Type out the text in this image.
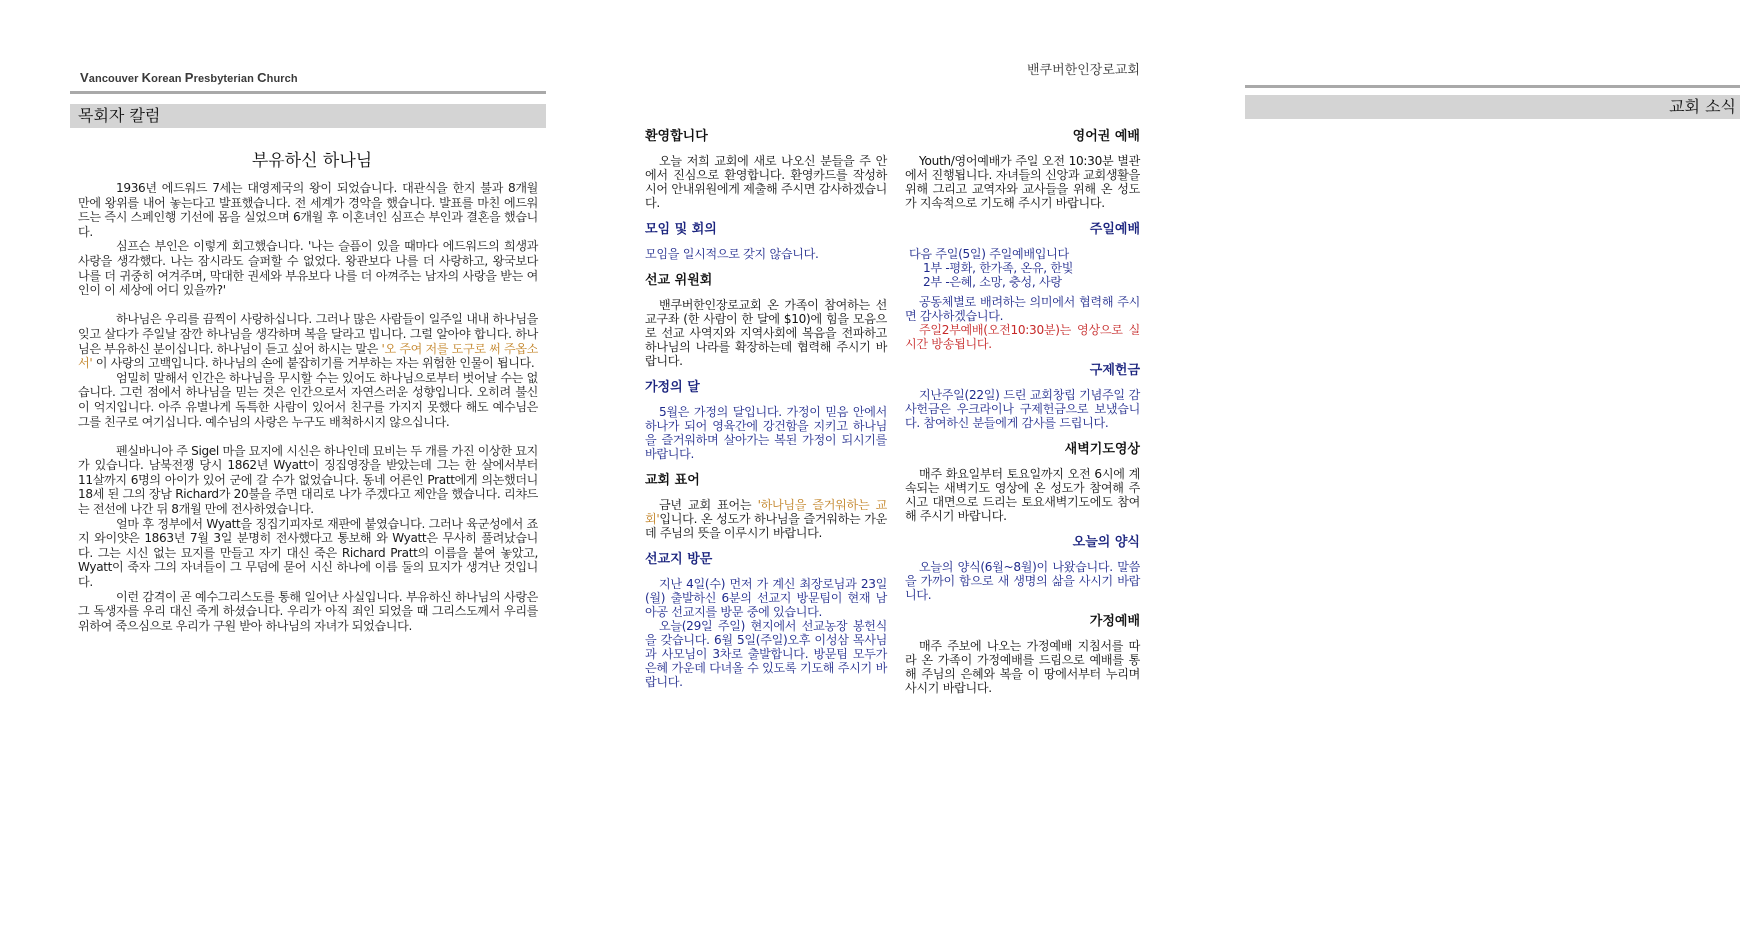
Vancouver Korean Presbyterian Church
목회자 칼럼
부유하신 하나님

1936년 에드워드 7세는 대영제국의 왕이 되었습니다. 대관식을 한지 불과 8개월 만에 왕위를 내어 놓는다고 발표했습니다. 전 세계가 경악을 했습니다. 발표를 마친 에드워드는 즉시 스페인행 기선에 몸을 실었으며 6개월 후 이혼녀인 심프슨 부인과 결혼을 했습니다.

심프슨 부인은 이렇게 회고했습니다. '나는 슬픔이 있을 때마다 에드워드의 희생과 사랑을 생각했다. 나는 잠시라도 슬퍼할 수 없었다. 왕관보다 나를 더 사랑하고, 왕국보다 나를 더 귀중히 여겨주며, 막대한 권세와 부유보다 나를 더 아껴주는 남자의 사랑을 받는 여인이 이 세상에 어디 있을까?'

하나님은 우리를 끔찍이 사랑하십니다. 그러나 많은 사람들이 일주일 내내 하나님을 잊고 살다가 주일날 잠깐 하나님을 생각하며 복을 달라고 빕니다. 그럴 알아야 합니다. 하나님은 부유하신 분이십니다. 하나님이 듣고 싶어 하시는 말은 '오 주여 저를 도구로 써 주옵소서' 이 사랑의 고백입니다. 하나님의 손에 붙잡히기를 거부하는 자는 위험한 인물이 됩니다.

엄밀히 말해서 인간은 하나님을 무시할 수는 있어도 하나님으로부터 벗어날 수는 없습니다. 그런 점에서 하나님을 믿는 것은 인간으로서 자연스러운 성향입니다. 오히려 불신이 억지입니다. 아주 유별나게 독특한 사람이 있어서 친구를 가지지 못했다 해도 예수님은 그를 친구로 여기십니다. 예수님의 사랑은 누구도 배척하시지 않으십니다.

펜실바니아 주 Sigel 마을 묘지에 시신은 하나인데 묘비는 두 개를 가진 이상한 묘지가 있습니다. 남북전쟁 당시 1862년 Wyatt이 징집영장을 받았는데 그는 한 살에서부터 11살까지 6명의 아이가 있어 군에 갈 수가 없었습니다. 동네 어른인 Pratt에게 의논했더니 18세 된 그의 장남 Richard가 20불을 주면 대리로 나가 주겠다고 제안을 했습니다. 리챠드는 전선에 나간 뒤 8개월 만에 전사하였습니다.

얼마 후 정부에서 Wyatt을 징집기피자로 재판에 붙였습니다. 그러나 육군성에서 죠지 와이얏은 1863년 7월 3일 분명히 전사했다고 통보해 와 Wyatt은 무사히 풀려났습니다. 그는 시신 없는 묘지를 만들고 자기 대신 죽은 Richard Pratt의 이름을 붙여 놓았고, Wyatt이 죽자 그의 자녀들이 그 무덤에 묻어 시신 하나에 이름 둘의 묘지가 생겨난 것입니다.

이런 감격이 곧 예수그리스도를 통해 일어난 사실입니다. 부유하신 하나님의 사랑은 그 독생자를 우리 대신 죽게 하셨습니다. 우리가 아직 죄인 되었을 때 그리스도께서 우리를 위하여 죽으심으로 우리가 구원 받아 하나님의 자녀가 되었습니다.

밴쿠버한인장로교회
교회 소식
환영합니다

오늘 저희 교회에 새로 나오신 분들을 주 안에서 진심으로 환영합니다. 환영카드를 작성하시어 안내위원에게 제출해 주시면 감사하겠습니다.

모임 및 회의

모임을 일시적으로 갖지 않습니다.

선교 위원회

밴쿠버한인장로교회 온 가족이 참여하는 선교구좌 (한 사람이 한 달에 $10)에 힘을 모음으로 선교 사역지와 지역사회에 복음을 전파하고 하나님의 나라를 확장하는데 협력해 주시기 바랍니다.

가정의 달

5월은 가정의 달입니다. 가정이 믿음 안에서 하나가 되어 영육간에 강건함을 지키고 하나님을 즐거워하며 살아가는 복된 가정이 되시기를 바랍니다.

교회 표어

금년 교회 표어는 '하나님을 즐거워하는 교회'입니다. 온 성도가 하나님을 즐거워하는 가운데 주님의 뜻을 이루시기 바랍니다.

선교지 방문

지난 4일(수) 먼저 가 계신 최장로님과 23일(월) 출발하신 6분의 선교지 방문팀이 현재 남아공 선교지를 방문 중에 있습니다.

오늘(29일 주일) 현지에서 선교농장 봉헌식을 갖습니다. 6월 5일(주일)오후 이성삼 목사님과 사모님이 3차로 출발합니다. 방문팀 모두가 은혜 가운데 다녀올 수 있도록 기도해 주시기 바랍니다.

영어권 예배

Youth/영어예배가 주일 오전 10:30분 별관에서 진행됩니다. 자녀들의 신앙과 교회생활을 위해 그리고 교역자와 교사들을 위해 온 성도가 지속적으로 기도해 주시기 바랍니다.

주일예배

다음 주일(5일) 주일예배입니다

1부 -평화, 한가족, 온유, 한빛

2부 -은혜, 소망, 충성, 사랑

공동체별로 배려하는 의미에서 협력해 주시면 감사하겠습니다.

주일2부예배(오전10:30분)는 영상으로 실시간 방송됩니다.

구제헌금

지난주일(22일) 드린 교회창립 기념주일 감사헌금은 우크라이나 구제헌금으로 보냈습니다. 참여하신 분들에게 감사를 드립니다.

새벽기도영상

매주 화요일부터 토요일까지 오전 6시에 계속되는 새벽기도 영상에 온 성도가 참여해 주시고 대면으로 드리는 토요새벽기도에도 참여해 주시기 바랍니다.

오늘의 양식

오늘의 양식(6월~8월)이 나왔습니다. 말씀을 가까이 함으로 새 생명의 삶을 사시기 바랍니다.

가정예배

매주 주보에 나오는 가정예배 지침서를 따라 온 가족이 가정예배를 드림으로 예배를 통해 주님의 은혜와 복을 이 땅에서부터 누리며 사시기 바랍니다.
